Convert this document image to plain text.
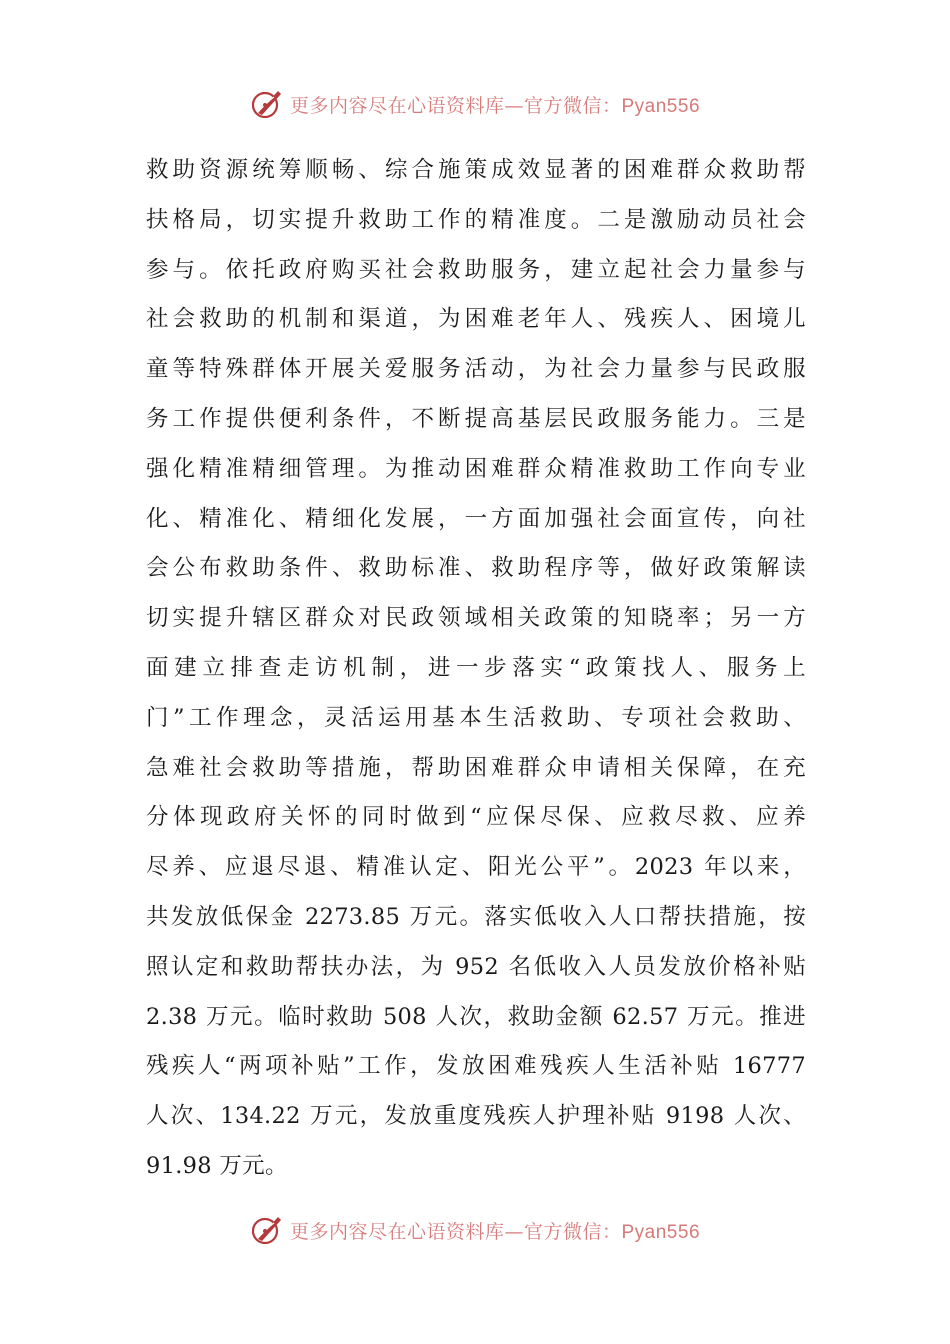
更多内容尽在心语资料库—官方微信：Pyan556
救助资源统筹顺畅、综合施策成效显著的困难群众救助帮
扶格局，切实提升救助工作的精准度。二是激励动员社会
参与。依托政府购买社会救助服务，建立起社会力量参与
社会救助的机制和渠道，为困难老年人、残疾人、困境儿
童等特殊群体开展关爱服务活动，为社会力量参与民政服
务工作提供便利条件，不断提高基层民政服务能力。三是
强化精准精细管理。为推动困难群众精准救助工作向专业
化、精准化、精细化发展，一方面加强社会面宣传，向社
会公布救助条件、救助标准、救助程序等，做好政策解读
切实提升辖区群众对民政领域相关政策的知晓率；另一方
面建立排查走访机制，进一步落实“政策找人、服务上
门”工作理念，灵活运用基本生活救助、专项社会救助、
急难社会救助等措施，帮助困难群众申请相关保障，在充
分体现政府关怀的同时做到“应保尽保、应救尽救、应养
尽养、应退尽退、精准认定、阳光公平”。2023 年以来，
共发放低保金 2273.85 万元。落实低收入人口帮扶措施，按
照认定和救助帮扶办法，为 952 名低收入人员发放价格补贴
2.38 万元。临时救助 508 人次，救助金额 62.57 万元。推进
残疾人“两项补贴”工作，发放困难残疾人生活补贴 16777
人次、134.22 万元，发放重度残疾人护理补贴 9198 人次、
91.98 万元。
更多内容尽在心语资料库—官方微信：Pyan556
